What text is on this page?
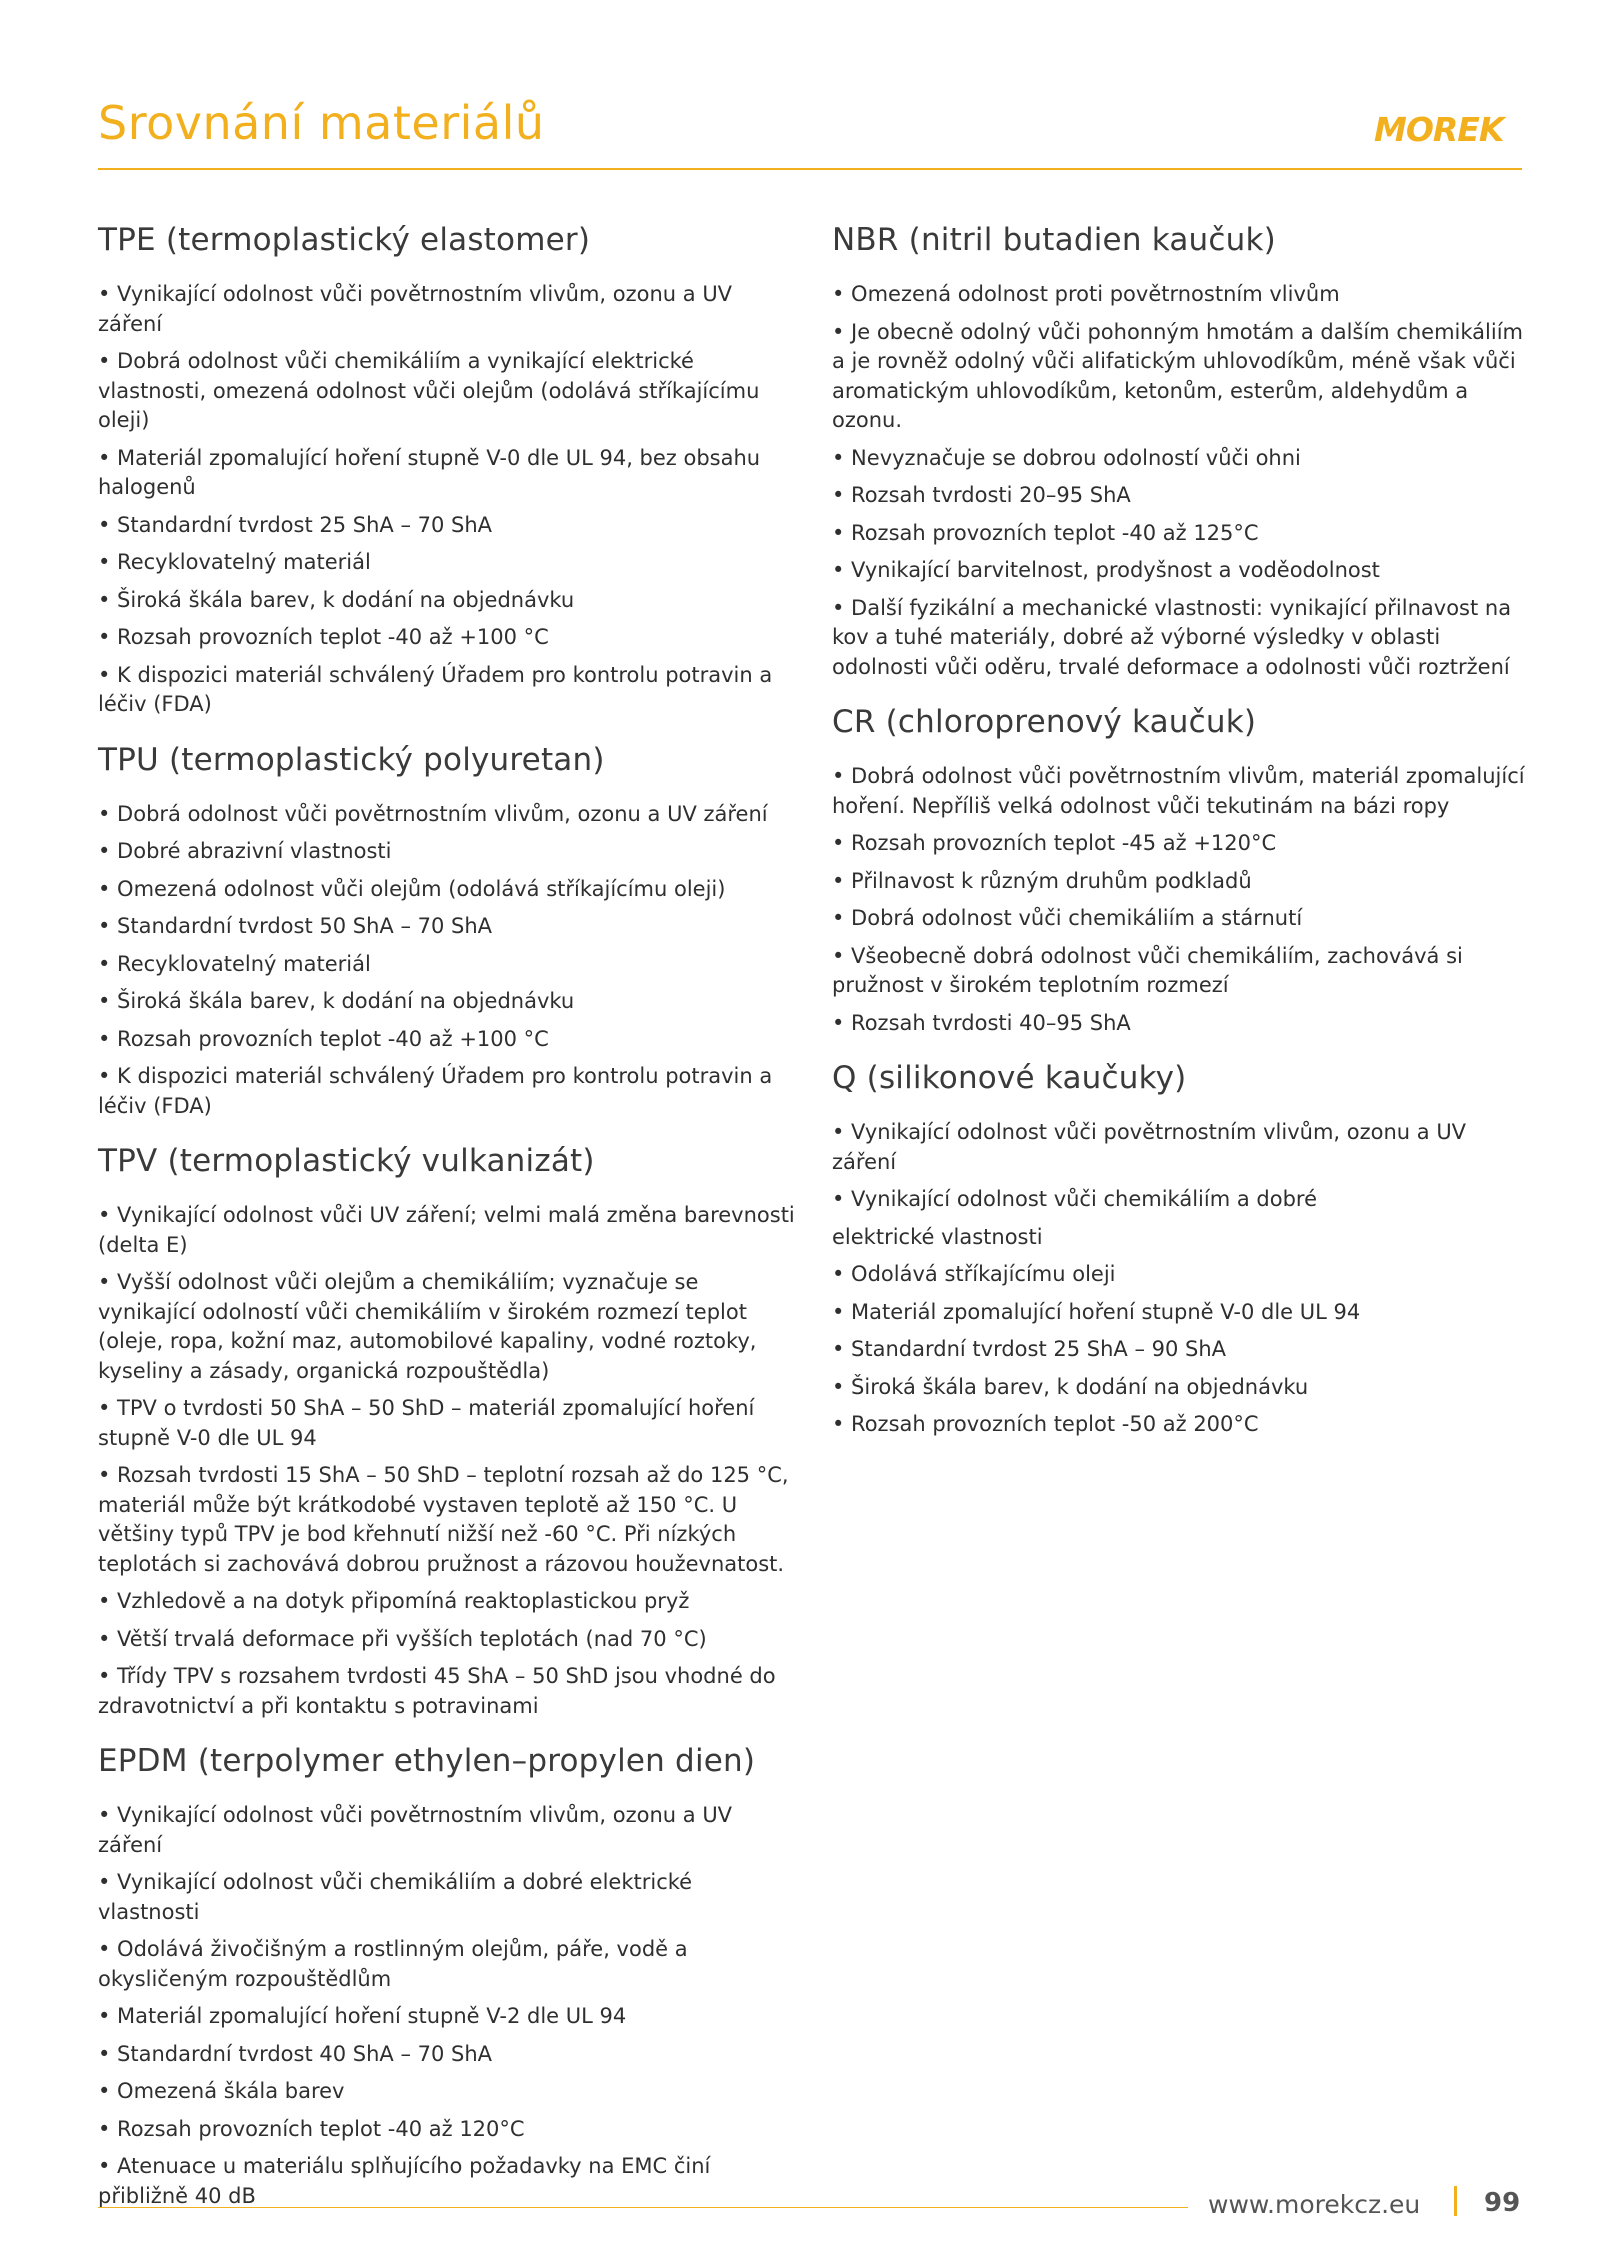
Srovnání materiálů	MOREK
TPE (termoplastický elastomer)
• Vynikající odolnost vůči povětrnostním vlivům, ozonu a UV záření
• Dobrá odolnost vůči chemikáliím a vynikající elektrické vlastnosti, omezená odolnost vůči olejům (odolává stříkajícímu oleji)
• Materiál zpomalující hoření stupně V-0 dle UL 94, bez obsahu halogenů
• Standardní tvrdost 25 ShA – 70 ShA
• Recyklovatelný materiál
• Široká škála barev, k dodání na objednávku
• Rozsah provozních teplot -40 až +100 °C
• K dispozici materiál schválený Úřadem pro kontrolu potravin a léčiv (FDA)
TPU (termoplastický polyuretan)
• Dobrá odolnost vůči povětrnostním vlivům, ozonu a UV záření
• Dobré abrazivní vlastnosti
• Omezená odolnost vůči olejům (odolává stříkajícímu oleji)
• Standardní tvrdost 50 ShA – 70 ShA
• Recyklovatelný materiál
• Široká škála barev, k dodání na objednávku
• Rozsah provozních teplot -40 až +100 °C
• K dispozici materiál schválený Úřadem pro kontrolu potravin a léčiv (FDA)
TPV (termoplastický vulkanizát)
• Vynikající odolnost vůči UV záření; velmi malá změna barevnosti (delta E)
• Vyšší odolnost vůči olejům a chemikáliím; vyznačuje se vynikající odolností vůči chemikáliím v širokém rozmezí teplot (oleje, ropa, kožní maz, automobilové kapaliny, vodné roztoky, kyseliny a zásady, organická rozpouštědla)
• TPV o tvrdosti 50 ShA – 50 ShD – materiál zpomalující hoření stupně V-0 dle UL 94
• Rozsah tvrdosti 15 ShA – 50 ShD – teplotní rozsah až do 125 °C, materiál může být krátkodobé vystaven teplotě až 150 °C. U většiny typů TPV je bod křehnutí nižší než -60 °C. Při nízkých teplotách si zachovává dobrou pružnost a rázovou houževnatost.
• Vzhledově a na dotyk připomíná reaktoplastickou pryž
• Větší trvalá deformace při vyšších teplotách (nad 70 °C)
• Třídy TPV s rozsahem tvrdosti 45 ShA – 50 ShD jsou vhodné do zdravotnictví a při kontaktu s potravinami
EPDM (terpolymer ethylen–propylen dien)
• Vynikající odolnost vůči povětrnostním vlivům, ozonu a UV záření
• Vynikající odolnost vůči chemikáliím a dobré elektrické vlastnosti
• Odolává živočišným a rostlinným olejům, páře, vodě a okysličeným rozpouštědlům
• Materiál zpomalující hoření stupně V-2 dle UL 94
• Standardní tvrdost 40 ShA – 70 ShA
• Omezená škála barev
• Rozsah provozních teplot -40 až 120°C
• Atenuace u materiálu splňujícího požadavky na EMC činí přibližně 40 dB
NBR (nitril butadien kaučuk)
• Omezená odolnost proti povětrnostním vlivům
• Je obecně odolný vůči pohonným hmotám a dalším chemikáliím a je rovněž odolný vůči alifatickým uhlovodíkům, méně však vůči aromatickým uhlovodíkům, ketonům, esterům, aldehydům a ozonu.
• Nevyznačuje se dobrou odolností vůči ohni
• Rozsah tvrdosti 20–95 ShA
• Rozsah provozních teplot -40 až 125°C
• Vynikající barvitelnost, prodyšnost a voděodolnost
• Další fyzikální a mechanické vlastnosti: vynikající přilnavost na kov a tuhé materiály, dobré až výborné výsledky v oblasti odolnosti vůči oděru, trvalé deformace a odolnosti vůči roztržení
CR (chloroprenový kaučuk)
• Dobrá odolnost vůči povětrnostním vlivům, materiál zpomalující hoření. Nepříliš velká odolnost vůči tekutinám na bázi ropy
• Rozsah provozních teplot -45 až +120°C
• Přilnavost k různým druhům podkladů
• Dobrá odolnost vůči chemikáliím a stárnutí
• Všeobecně dobrá odolnost vůči chemikáliím, zachovává si pružnost v širokém teplotním rozmezí
• Rozsah tvrdosti 40–95 ShA
Q (silikonové kaučuky)
• Vynikající odolnost vůči povětrnostním vlivům, ozonu a UV záření
• Vynikající odolnost vůči chemikáliím a dobré
elektrické vlastnosti
• Odolává stříkajícímu oleji
• Materiál zpomalující hoření stupně V-0 dle UL 94
• Standardní tvrdost 25 ShA – 90 ShA
• Široká škála barev, k dodání na objednávku
• Rozsah provozních teplot -50 až 200°C
www.morekcz.eu 99
